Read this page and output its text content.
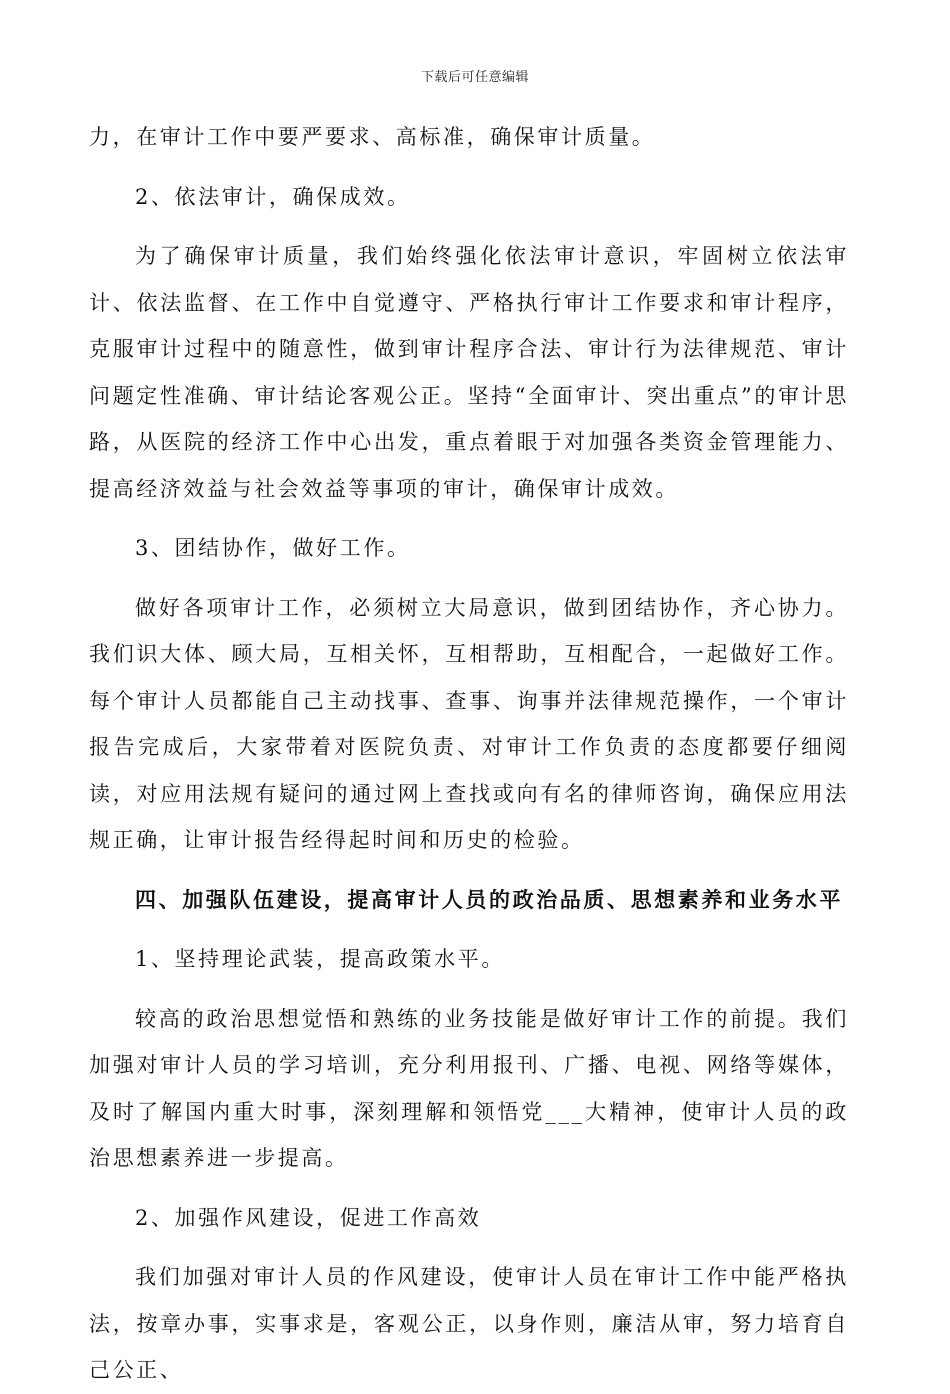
下载后可任意编辑

力，在审计工作中要严要求、高标准，确保审计质量。

2、依法审计，确保成效。

为了确保审计质量，我们始终强化依法审计意识，牢固树立依法审计、依法监督、在工作中自觉遵守、严格执行审计工作要求和审计程序，克服审计过程中的随意性，做到审计程序合法、审计行为法律规范、审计问题定性准确、审计结论客观公正。坚持“全面审计、突出重点”的审计思路，从医院的经济工作中心出发，重点着眼于对加强各类资金管理能力、提高经济效益与社会效益等事项的审计，确保审计成效。

3、团结协作，做好工作。

做好各项审计工作，必须树立大局意识，做到团结协作，齐心协力。我们识大体、顾大局，互相关怀，互相帮助，互相配合，一起做好工作。每个审计人员都能自己主动找事、查事、询事并法律规范操作，一个审计报告完成后，大家带着对医院负责、对审计工作负责的态度都要仔细阅读，对应用法规有疑问的通过网上查找或向有名的律师咨询，确保应用法规正确，让审计报告经得起时间和历史的检验。

四、加强队伍建设，提高审计人员的政治品质、思想素养和业务水平

1、坚持理论武装，提高政策水平。

较高的政治思想觉悟和熟练的业务技能是做好审计工作的前提。我们加强对审计人员的学习培训，充分利用报刊、广播、电视、网络等媒体，及时了解国内重大时事，深刻理解和领悟党___大精神，使审计人员的政治思想素养进一步提高。

2、加强作风建设，促进工作高效

我们加强对审计人员的作风建设，使审计人员在审计工作中能严格执法，按章办事，实事求是，客观公正，以身作则，廉洁从审，努力培育自己公正、
